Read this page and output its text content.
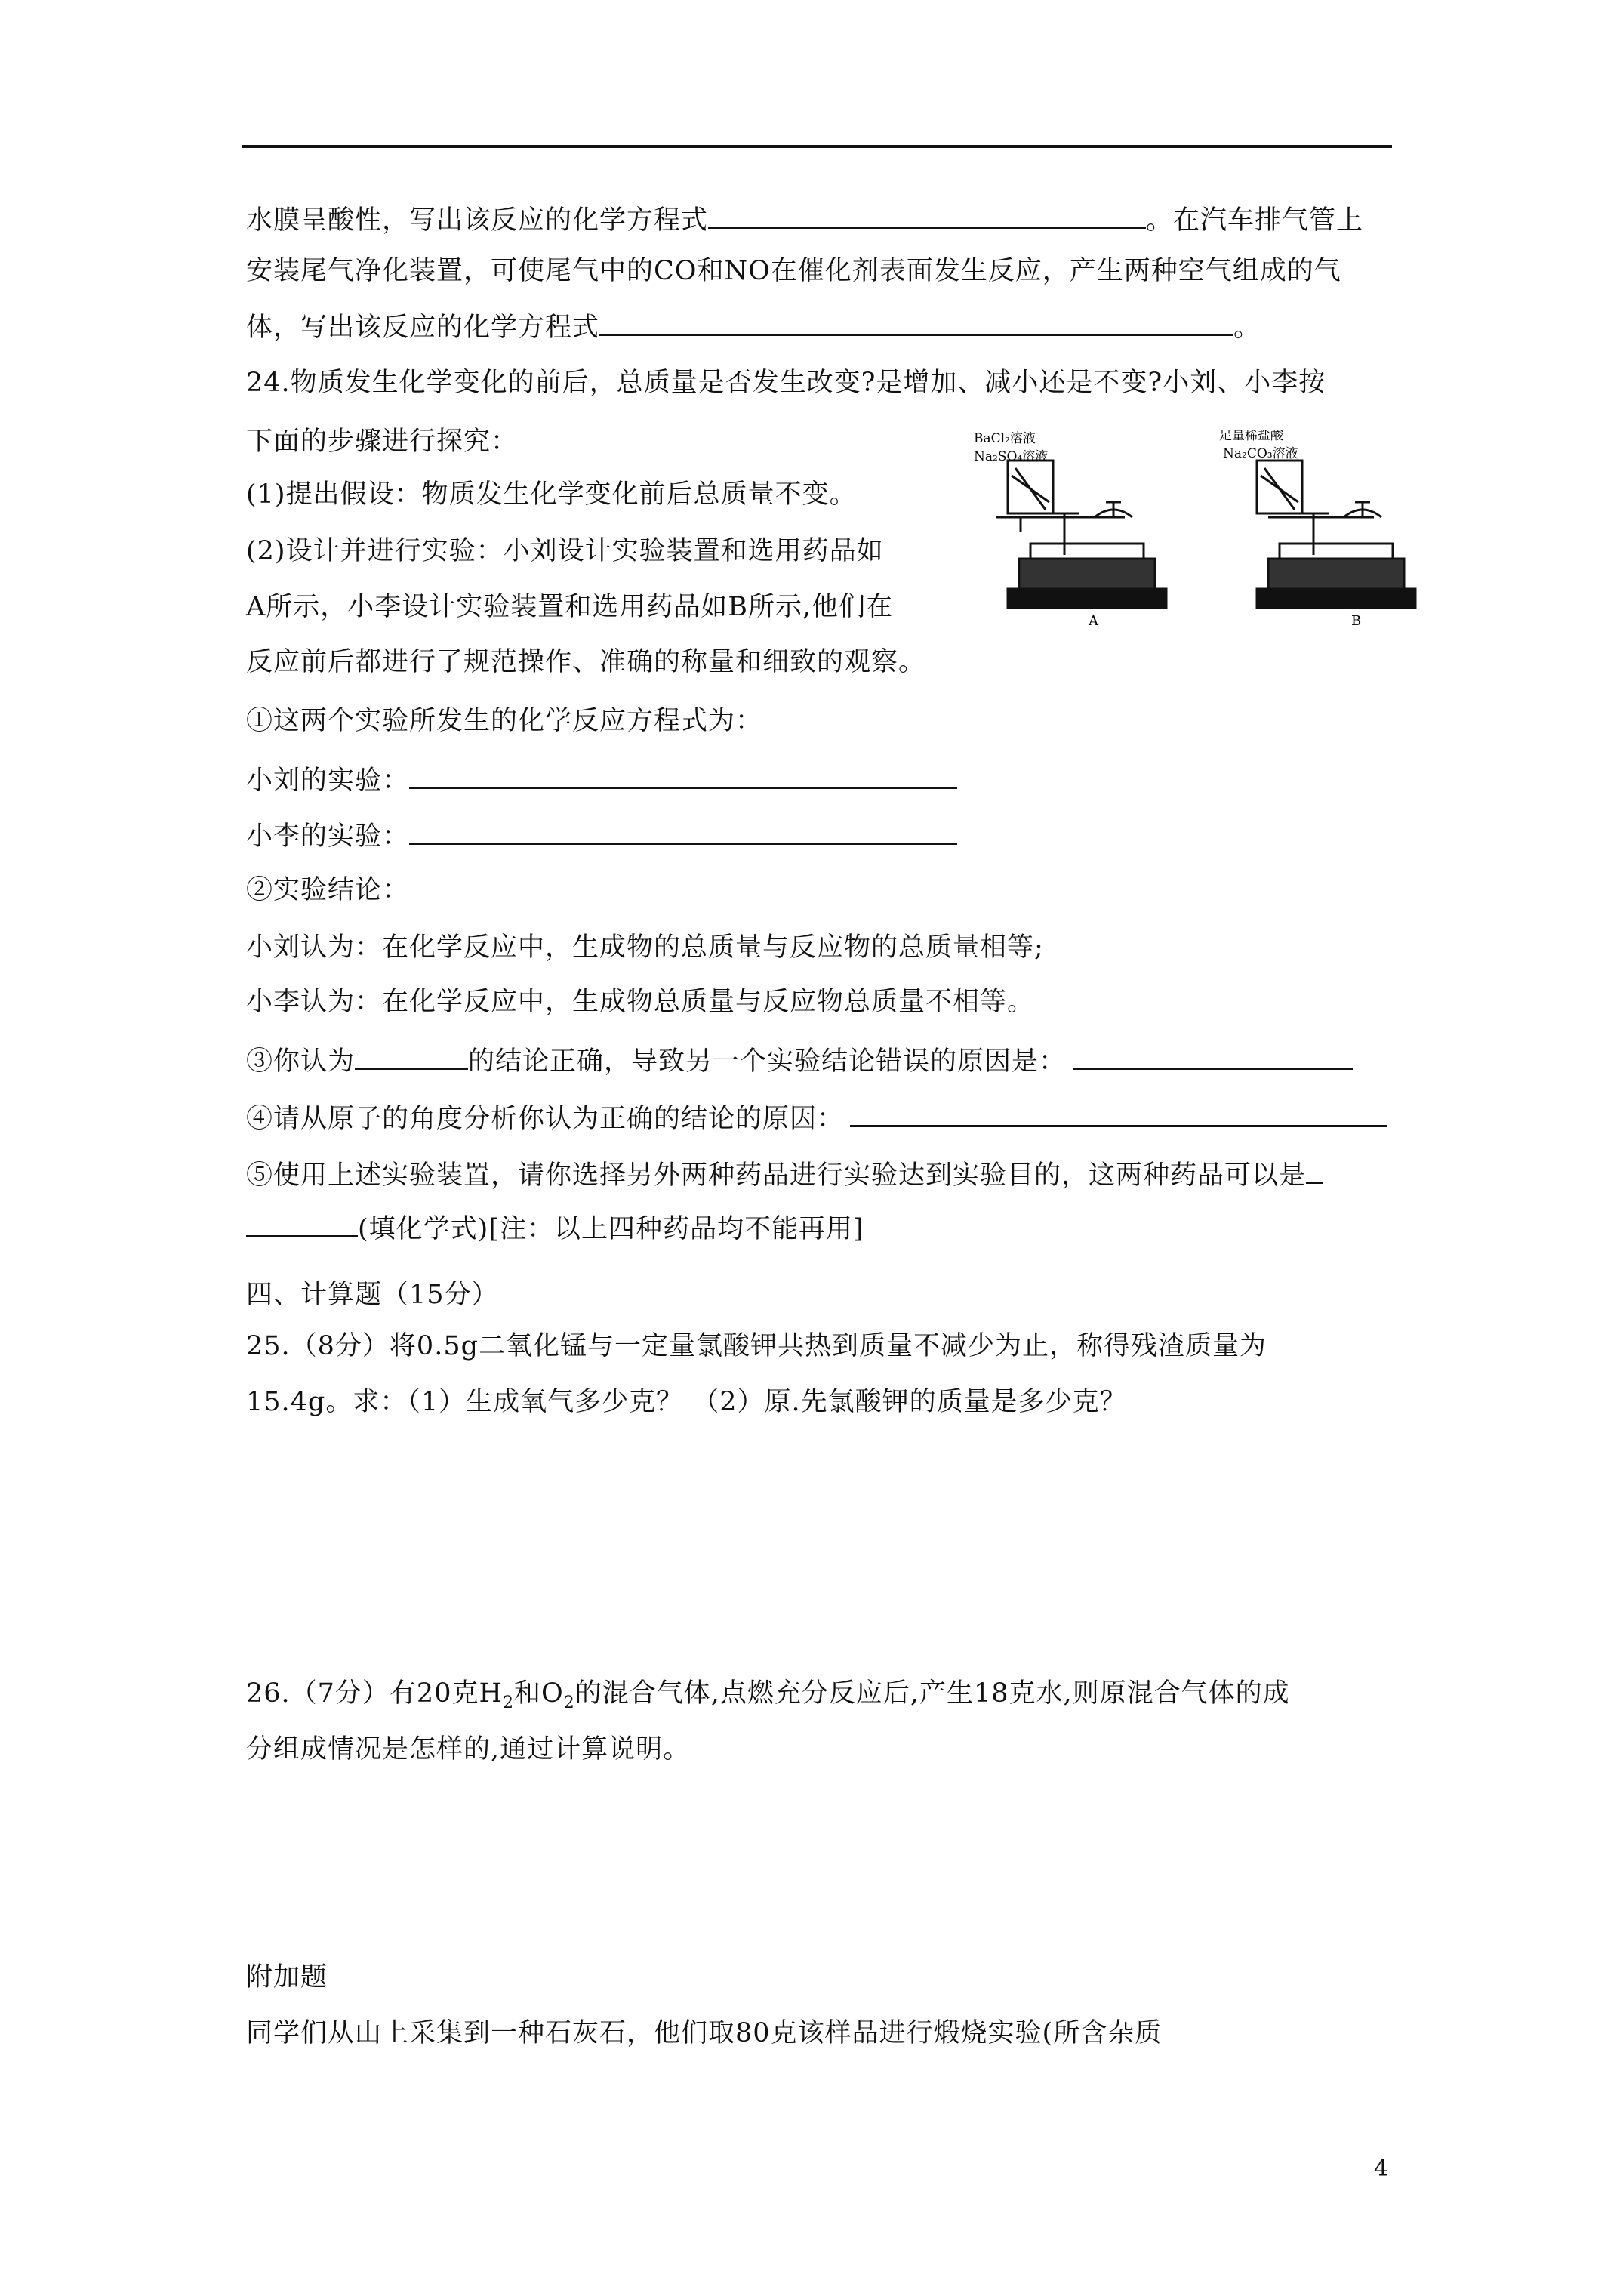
水膜呈酸性，写出该反应的化学方程式	。在汽车排气管上
安装尾气净化装置，可使尾气中的CO和NO在催化剂表面发生反应，产生两种空气组成的气
体，写出该反应的化学方程式	。
24.物质发生化学变化的前后，总质量是否发生改变?是增加、减小还是不变?小刘、小李按
下面的步骤进行探究：
(1)提出假设：物质发生化学变化前后总质量不变。
(2)设计并进行实验：小刘设计实验装置和选用药品如
A所示，小李设计实验装置和选用药品如B所示,他们在
反应前后都进行了规范操作、准确的称量和细致的观察。
①这两个实验所发生的化学反应方程式为：
小刘的实验：
小李的实验：
②实验结论：
小刘认为：在化学反应中，生成物的总质量与反应物的总质量相等;
小李认为：在化学反应中，生成物总质量与反应物总质量不相等。
③你认为	的结论正确，导致另一个实验结论错误的原因是：
④请从原子的角度分析你认为正确的结论的原因：
⑤使用上述实验装置，请你选择另外两种药品进行实验达到实验目的，这两种药品可以是
(填化学式)[注：以上四种药品均不能再用]
四、计算题（15分）
25.（8分）将0.5g二氧化锰与一定量氯酸钾共热到质量不减少为止，称得残渣质量为
15.4g。求：（1）生成氧气多少克？ （2）原.先氯酸钾的质量是多少克？
26.（7分）有20克$H_2$和$O_2$的混合气体,点燃充分反应后,产生18克水,则原混合气体的成
分组成情况是怎样的,通过计算说明。
附加题
同学们从山上采集到一种石灰石，他们取80克该样品进行煅烧实验(所含杂质
BaCl₂溶液
Na₂SO₄溶液
A
足量稀盐酸
Na₂CO₃溶液
B
4
